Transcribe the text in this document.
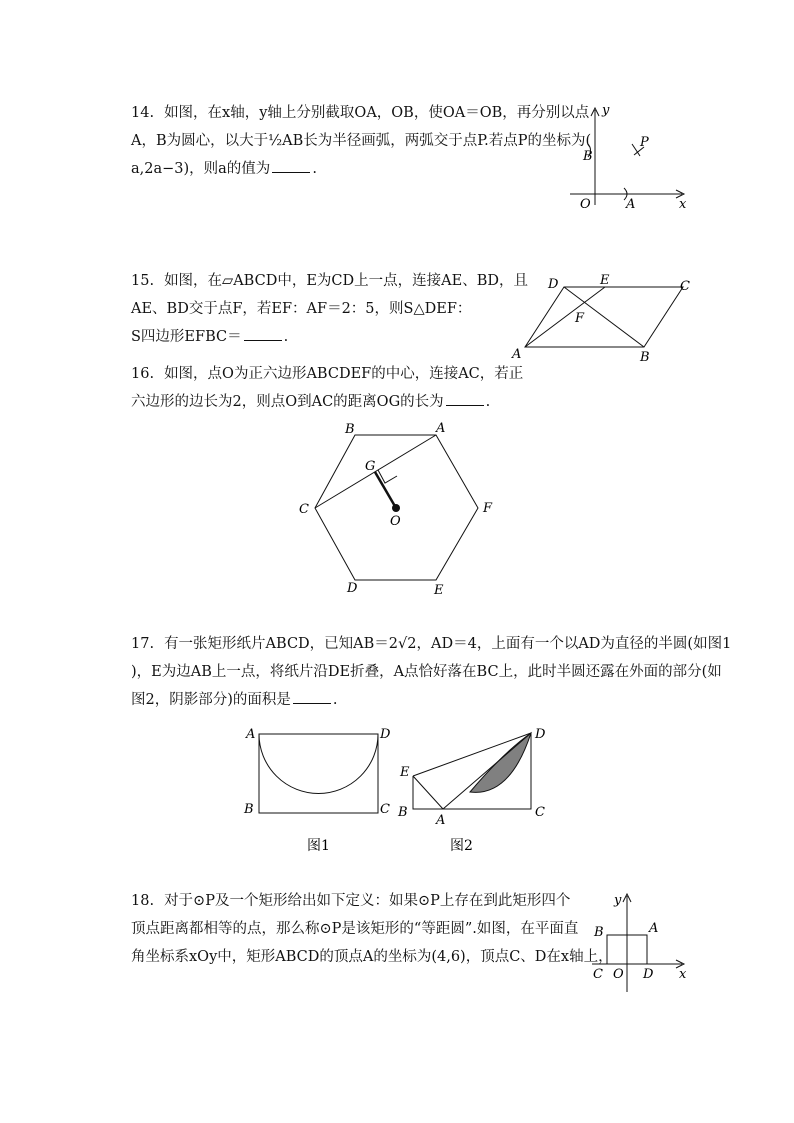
14. 如图，在x轴，y轴上分别截取OA，OB，使OA＝OB，再分别以点

A，B为圆心，以大于½AB长为半径画弧，两弧交于点P.若点P的坐标为(

a,2a−3)，则a的值为	.

y
x
O	A
B
P

15. 如图，在▱ABCD中，E为CD上一点，连接AE、BD，且

AE、BD交于点F，若EF：AF＝2：5，则S△DEF：

S四边形EFBC＝	.

A	B
C
D	E
F

16. 如图，点O为正六边形ABCDEF的中心，连接AC，若正

六边形的边长为2，则点O到AC的距离OG的长为	.

A
B
C
D	E
F
G
O

17. 有一张矩形纸片ABCD，已知AB＝2√2，AD＝4，上面有一个以AD为直径的半圆(如图1

)，E为边AB上一点，将纸片沿DE折叠，A点恰好落在BC上，此时半圆还露在外面的部分(如

图2，阴影部分)的面积是	.

A	D
B	C
图1
E
B
A
C
D
图2

18. 对于⊙P及一个矩形给出如下定义：如果⊙P上存在到此矩形四个

顶点距离都相等的点，那么称⊙P是该矩形的“等距圆”.如图，在平面直

角坐标系xOy中，矩形ABCD的顶点A的坐标为(4,6)，顶点C、D在x轴上，

y
x
O
C	D
B	A
